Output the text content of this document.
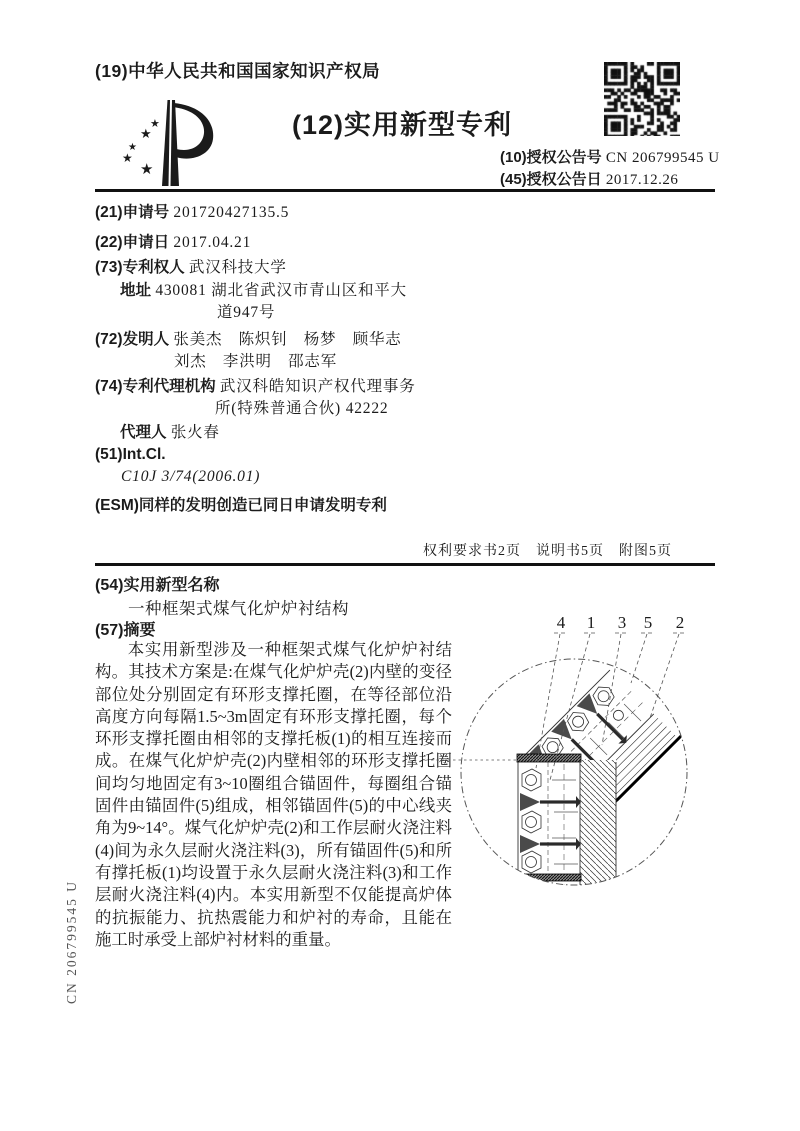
(19)中华人民共和国国家知识产权局
★
★
★
★
★
(12)实用新型专利
(10)授权公告号 CN 206799545 U
(45)授权公告日 2017.12.26
(21)申请号 201720427135.5
(22)申请日 2017.04.21
(73)专利权人 武汉科技大学
地址 430081 湖北省武汉市青山区和平大
道947号
(72)发明人 张美杰　陈炽钊　杨梦　顾华志
刘杰　李洪明　邵志军
(74)专利代理机构 武汉科皓知识产权代理事务
所(特殊普通合伙) 42222
代理人 张火春
(51)Int.Cl.
C10J 3/74(2006.01)
(ESM)同样的发明创造已同日申请发明专利
权利要求书2页　说明书5页　附图5页
(54)实用新型名称
一种框架式煤气化炉炉衬结构
(57)摘要
本实用新型涉及一种框架式煤气化炉炉衬结构。其技术方案是:在煤气化炉炉壳(2)内壁的变径部位处分别固定有环形支撑托圈，在等径部位沿高度方向每隔1.5~3m固定有环形支撑托圈，每个环形支撑托圈由相邻的支撑托板(1)的相互连接而成。在煤气化炉炉壳(2)内壁相邻的环形支撑托圈间均匀地固定有3~10圈组合锚固件，每圈组合锚固件由锚固件(5)组成，相邻锚固件(5)的中心线夹角为9~14°。煤气化炉炉壳(2)和工作层耐火浇注料(4)间为永久层耐火浇注料(3)，所有锚固件(5)和所有撑托板(1)均设置于永久层耐火浇注料(3)和工作层耐火浇注料(4)内。本实用新型不仅能提高炉体的抗振能力、抗热震能力和炉衬的寿命，且能在施工时承受上部炉衬材料的重量。
4 1 3 5 2
CN 206799545 U
